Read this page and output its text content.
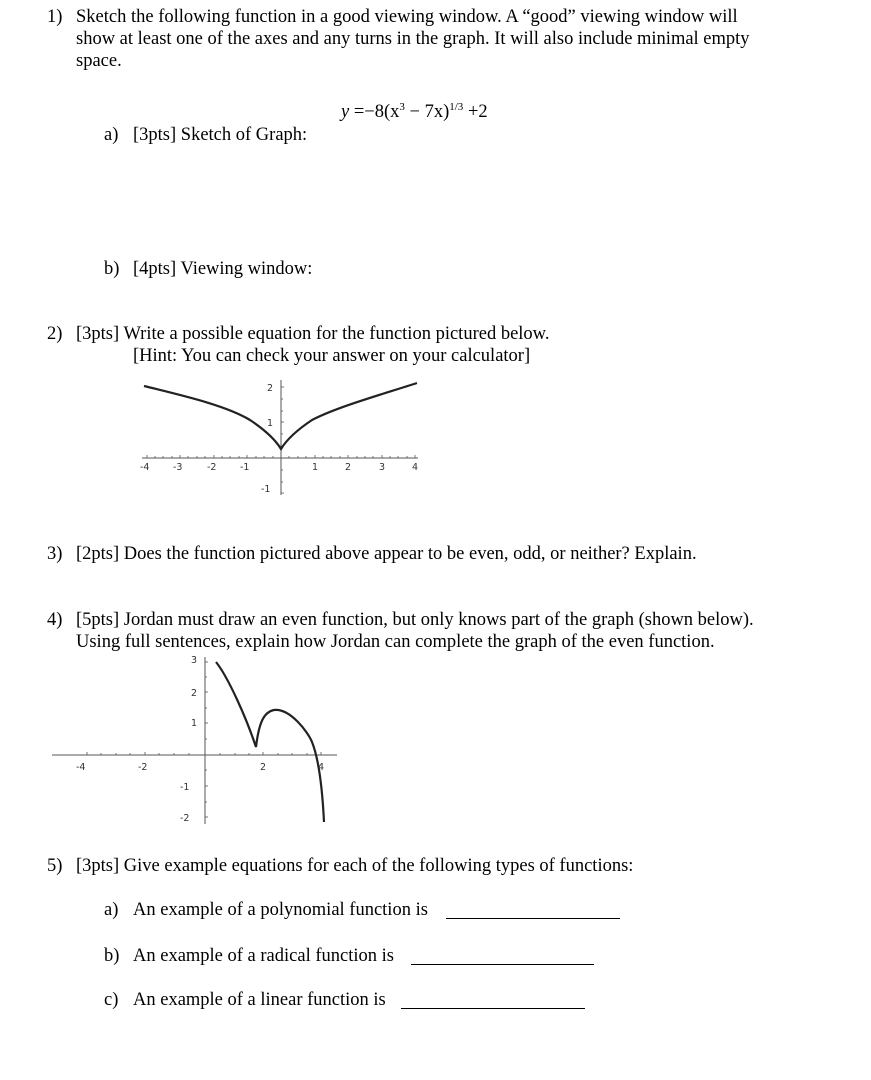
1) Sketch the following function in a good viewing window. A “good” viewing window will
show at least one of the axes and any turns in the graph. It will also include minimal empty
space.
$y =-8(x^3 - 7x)^{1/3} +2$
a) [3pts] Sketch of Graph:
b) [4pts] Viewing window:
2) [3pts] Write a possible equation for the function pictured below.
[Hint: You can check your answer on your calculator]
-4 -3	-2 -1	1	2	3	4
2
1
-1
3) [2pts] Does the function pictured above appear to be even, odd, or neither? Explain.
4) [5pts] Jordan must draw an even function, but only knows part of the graph (shown below).
Using full sentences, explain how Jordan can complete the graph of the even function.
-4	-2	2	4
3
2
1
-1
-2
5) [3pts] Give example equations for each of the following types of functions:
a) An example of a polynomial function is
b) An example of a radical function is
c) An example of a linear function is
